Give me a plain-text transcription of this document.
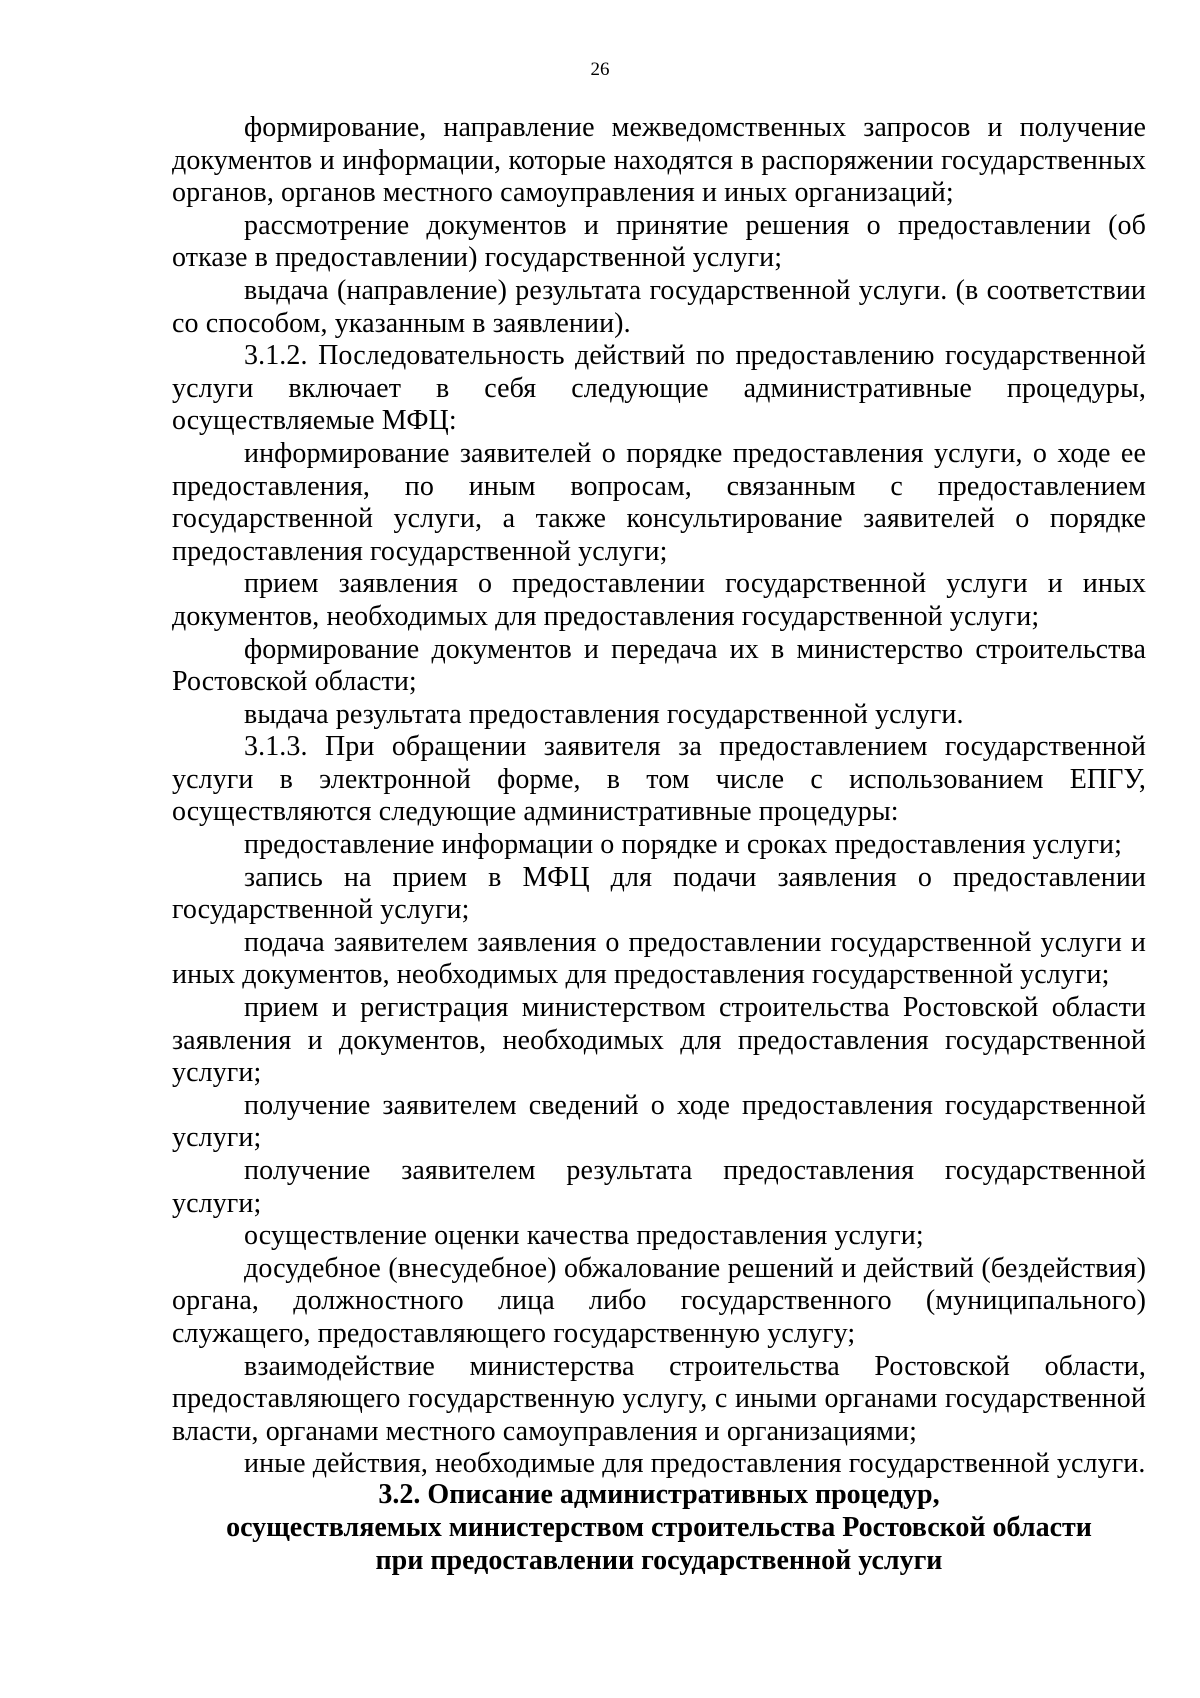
26

формирование, направление межведомственных запросов и получение документов и информации, которые находятся в распоряжении государственных органов, органов местного самоуправления и иных организаций;

рассмотрение документов и принятие решения о предоставлении (об отказе в предоставлении) государственной услуги;

выдача (направление) результата государственной услуги. (в соответствии со способом, указанным в заявлении).

3.1.2. Последовательность действий по предоставлению государственной услуги включает в себя следующие административные процедуры, осуществляемые МФЦ:

информирование заявителей о порядке предоставления услуги, о ходе ее предоставления, по иным вопросам, связанным с предоставлением государственной услуги, а также консультирование заявителей о порядке предоставления государственной услуги;

прием заявления о предоставлении государственной услуги и иных документов, необходимых для предоставления государственной услуги;

формирование документов и передача их в министерство строительства Ростовской области;

выдача результата предоставления государственной услуги.

3.1.3. При обращении заявителя за предоставлением государственной услуги в электронной форме, в том числе с использованием ЕПГУ, осуществляются следующие административные процедуры:

предоставление информации о порядке и сроках предоставления услуги;

запись на прием в МФЦ для подачи заявления о предоставлении государственной услуги;

подача заявителем заявления о предоставлении государственной услуги и иных документов, необходимых для предоставления государственной услуги;

прием и регистрация министерством строительства Ростовской области заявления и документов, необходимых для предоставления государственной услуги;

получение заявителем сведений о ходе предоставления государственной услуги;

получение заявителем результата предоставления государственной услуги;

осуществление оценки качества предоставления услуги;

досудебное (внесудебное) обжалование решений и действий (бездействия) органа, должностного лица либо государственного (муниципального) служащего, предоставляющего государственную услугу;

взаимодействие министерства строительства Ростовской области, предоставляющего государственную услугу, с иными органами государственной власти, органами местного самоуправления и организациями;

иные действия, необходимые для предоставления государственной услуги.

3.2. Описание административных процедур,
осуществляемых министерством строительства Ростовской области
при предоставлении государственной услуги
